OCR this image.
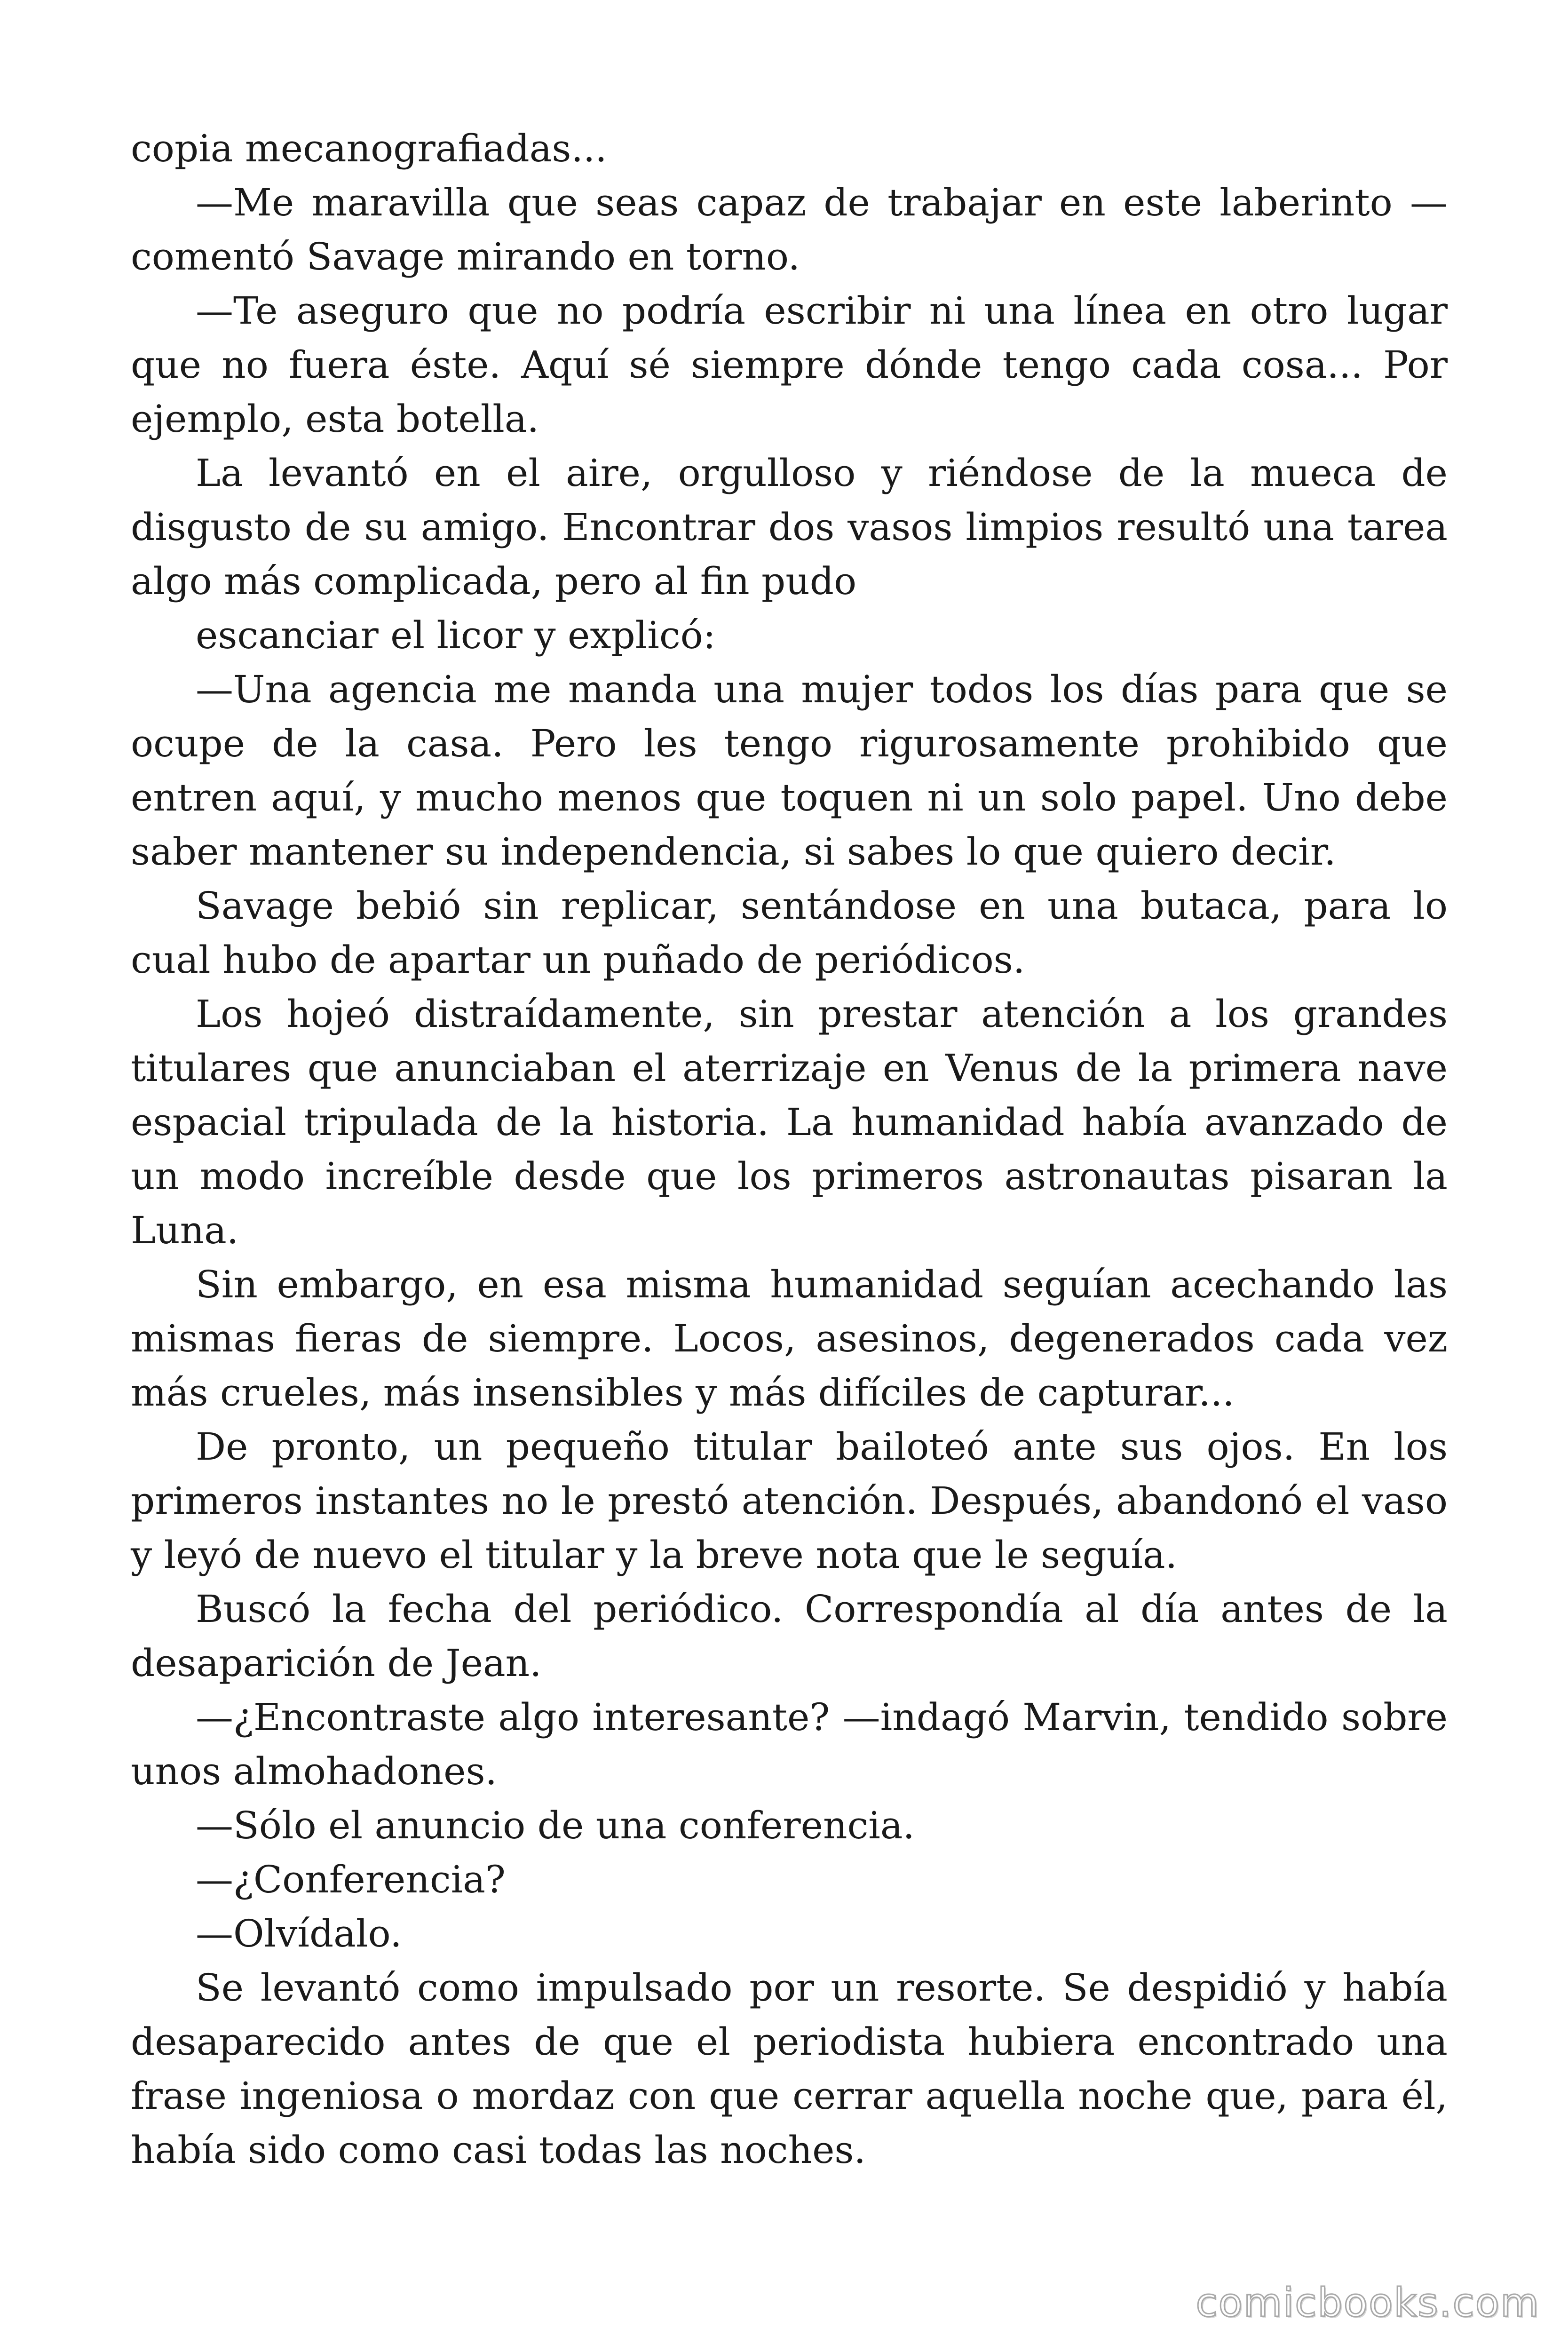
copia mecanografiadas...

—Me maravilla que seas capaz de trabajar en este laberinto —comentó Savage mirando en torno.

—Te aseguro que no podría escribir ni una línea en otro lugar que no fuera éste. Aquí sé siempre dónde tengo cada cosa... Por ejemplo, esta botella.

La levantó en el aire, orgulloso y riéndose de la mueca de disgusto de su amigo. Encontrar dos vasos limpios resultó una tarea algo más complicada, pero al fin pudo

escanciar el licor y explicó:

—Una agencia me manda una mujer todos los días para que se ocupe de la casa. Pero les tengo rigurosamente prohibido que entren aquí, y mucho menos que toquen ni un solo papel. Uno debe saber mantener su independencia, si sabes lo que quiero decir.

Savage bebió sin replicar, sentándose en una butaca, para lo cual hubo de apartar un puñado de periódicos.

Los hojeó distraídamente, sin prestar atención a los grandes titulares que anunciaban el aterrizaje en Venus de la primera nave espacial tripulada de la historia. La humanidad había avanzado de un modo increíble desde que los primeros astronautas pisaran la Luna.

Sin embargo, en esa misma humanidad seguían acechando las mismas fieras de siempre. Locos, asesinos, degenerados cada vez más crueles, más insensibles y más difíciles de capturar...

De pronto, un pequeño titular bailoteó ante sus ojos. En los primeros instantes no le prestó atención. Después, abandonó el vaso y leyó de nuevo el titular y la breve nota que le seguía.

Buscó la fecha del periódico. Correspondía al día antes de la desaparición de Jean.

—¿Encontraste algo interesante? —indagó Marvin, tendido sobre unos almohadones.

—Sólo el anuncio de una conferencia.

—¿Conferencia?

—Olvídalo.

Se levantó como impulsado por un resorte. Se despidió y había desaparecido antes de que el periodista hubiera encontrado una frase ingeniosa o mordaz con que cerrar aquella noche que, para él, había sido como casi todas las noches.

comicbooks.com
